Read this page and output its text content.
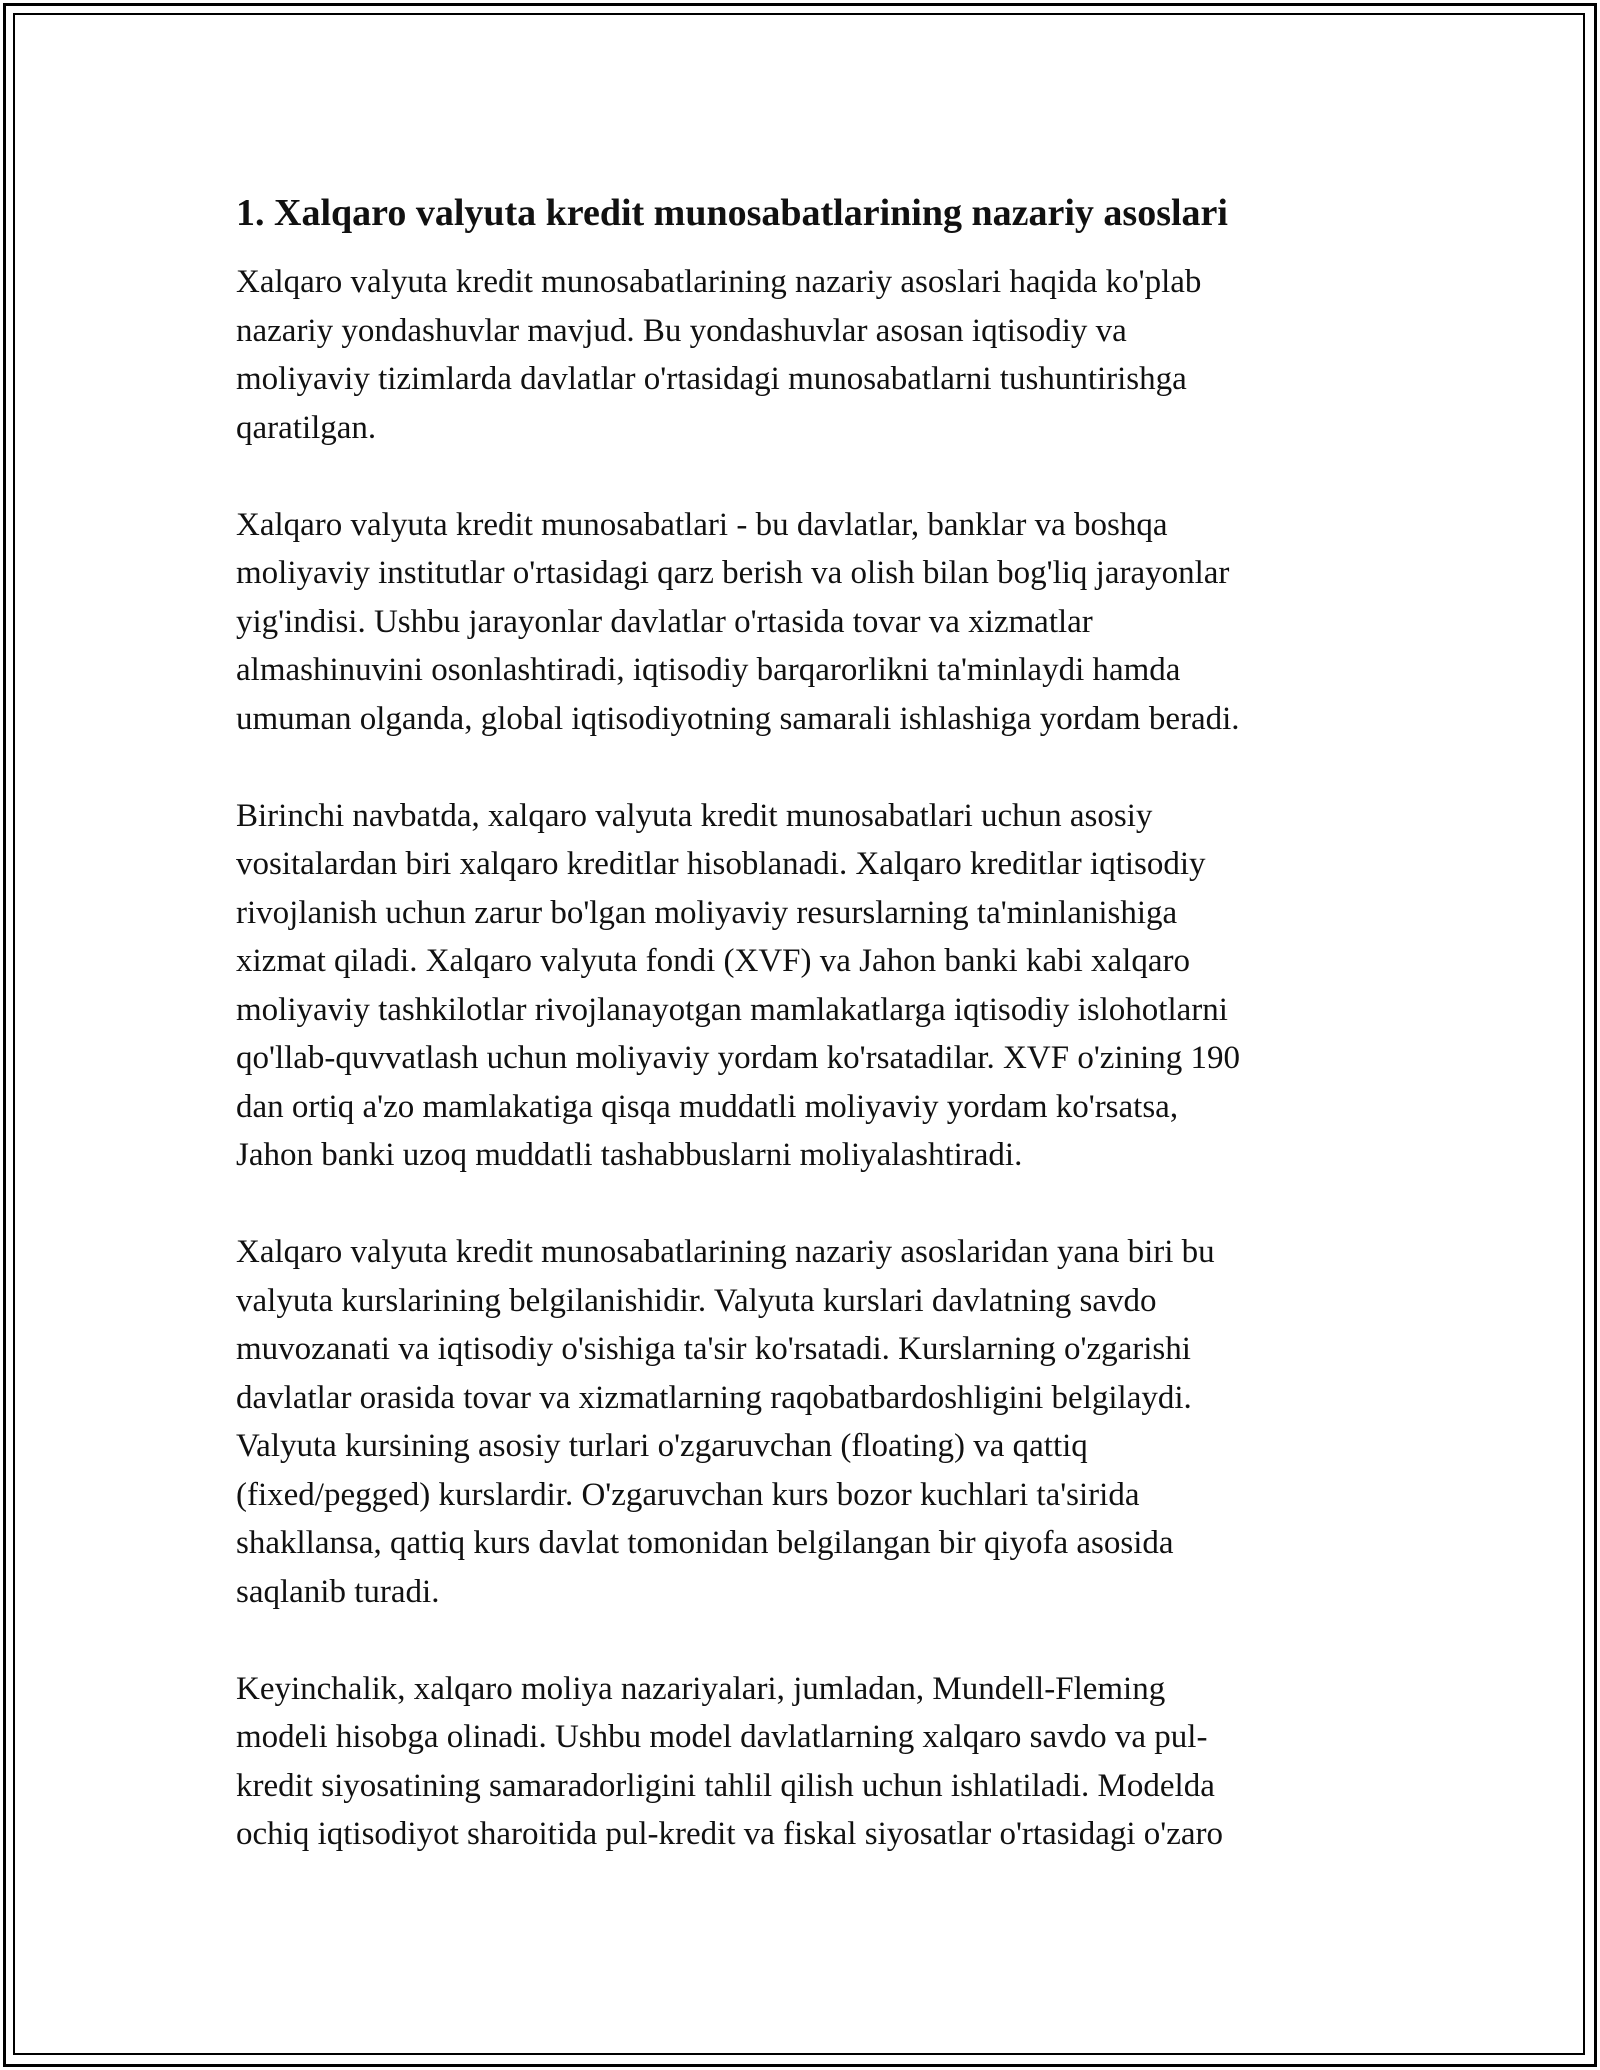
1. Xalqaro valyuta kredit munosabatlarining nazariy asoslari
Xalqaro valyuta kredit munosabatlarining nazariy asoslari haqida ko'plab
nazariy yondashuvlar mavjud. Bu yondashuvlar asosan iqtisodiy va
moliyaviy tizimlarda davlatlar o'rtasidagi munosabatlarni tushuntirishga
qaratilgan.
Xalqaro valyuta kredit munosabatlari - bu davlatlar, banklar va boshqa
moliyaviy institutlar o'rtasidagi qarz berish va olish bilan bog'liq jarayonlar
yig'indisi. Ushbu jarayonlar davlatlar o'rtasida tovar va xizmatlar
almashinuvini osonlashtiradi, iqtisodiy barqarorlikni ta'minlaydi hamda
umuman olganda, global iqtisodiyotning samarali ishlashiga yordam beradi.
Birinchi navbatda, xalqaro valyuta kredit munosabatlari uchun asosiy
vositalardan biri xalqaro kreditlar hisoblanadi. Xalqaro kreditlar iqtisodiy
rivojlanish uchun zarur bo'lgan moliyaviy resurslarning ta'minlanishiga
xizmat qiladi. Xalqaro valyuta fondi (XVF) va Jahon banki kabi xalqaro
moliyaviy tashkilotlar rivojlanayotgan mamlakatlarga iqtisodiy islohotlarni
qo'llab-quvvatlash uchun moliyaviy yordam ko'rsatadilar. XVF o'zining 190
dan ortiq a'zo mamlakatiga qisqa muddatli moliyaviy yordam ko'rsatsa,
Jahon banki uzoq muddatli tashabbuslarni moliyalashtiradi.
Xalqaro valyuta kredit munosabatlarining nazariy asoslaridan yana biri bu
valyuta kurslarining belgilanishidir. Valyuta kurslari davlatning savdo
muvozanati va iqtisodiy o'sishiga ta'sir ko'rsatadi. Kurslarning o'zgarishi
davlatlar orasida tovar va xizmatlarning raqobatbardoshligini belgilaydi.
Valyuta kursining asosiy turlari o'zgaruvchan (floating) va qattiq
(fixed/pegged) kurslardir. O'zgaruvchan kurs bozor kuchlari ta'sirida
shakllansa, qattiq kurs davlat tomonidan belgilangan bir qiyofa asosida
saqlanib turadi.
Keyinchalik, xalqaro moliya nazariyalari, jumladan, Mundell-Fleming
modeli hisobga olinadi. Ushbu model davlatlarning xalqaro savdo va pul-
kredit siyosatining samaradorligini tahlil qilish uchun ishlatiladi. Modelda
ochiq iqtisodiyot sharoitida pul-kredit va fiskal siyosatlar o'rtasidagi o'zaro
